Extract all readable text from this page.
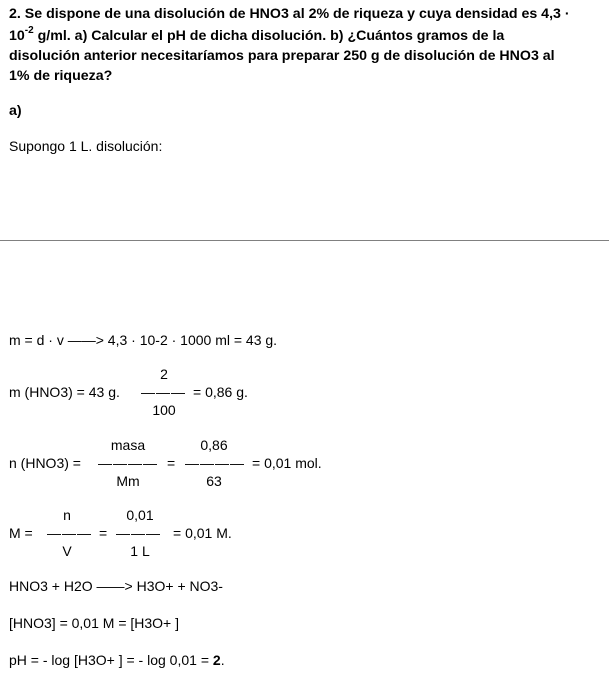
2. Se dispone de una disolución de HNO3 al 2% de riqueza y cuya densidad es 4,3 ·
$10^{-2}$ g/ml. a) Calcular el pH de dicha disolución. b) ¿Cuántos gramos de la
disolución anterior necesitaríamos para preparar 250 g de disolución de HNO3 al
1% de riqueza?
a)
Supongo 1 L. disolución:
m = d · v ——> 4,3 · 10-2 · 1000 ml = 43 g.
m (HNO3) = 43 g.
2
———
100
= 0,86 g.
n (HNO3) =
masa
————
Mm
=
0,86
————
63
= 0,01 mol.
M =
n
———
V
=
0,01
———
1 L
= 0,01 M.
HNO3 + H2O ——> H3O+ + NO3-
[HNO3] = 0,01 M = [H3O+ ]
pH = - log [H3O+ ] = - log 0,01 = 2.
